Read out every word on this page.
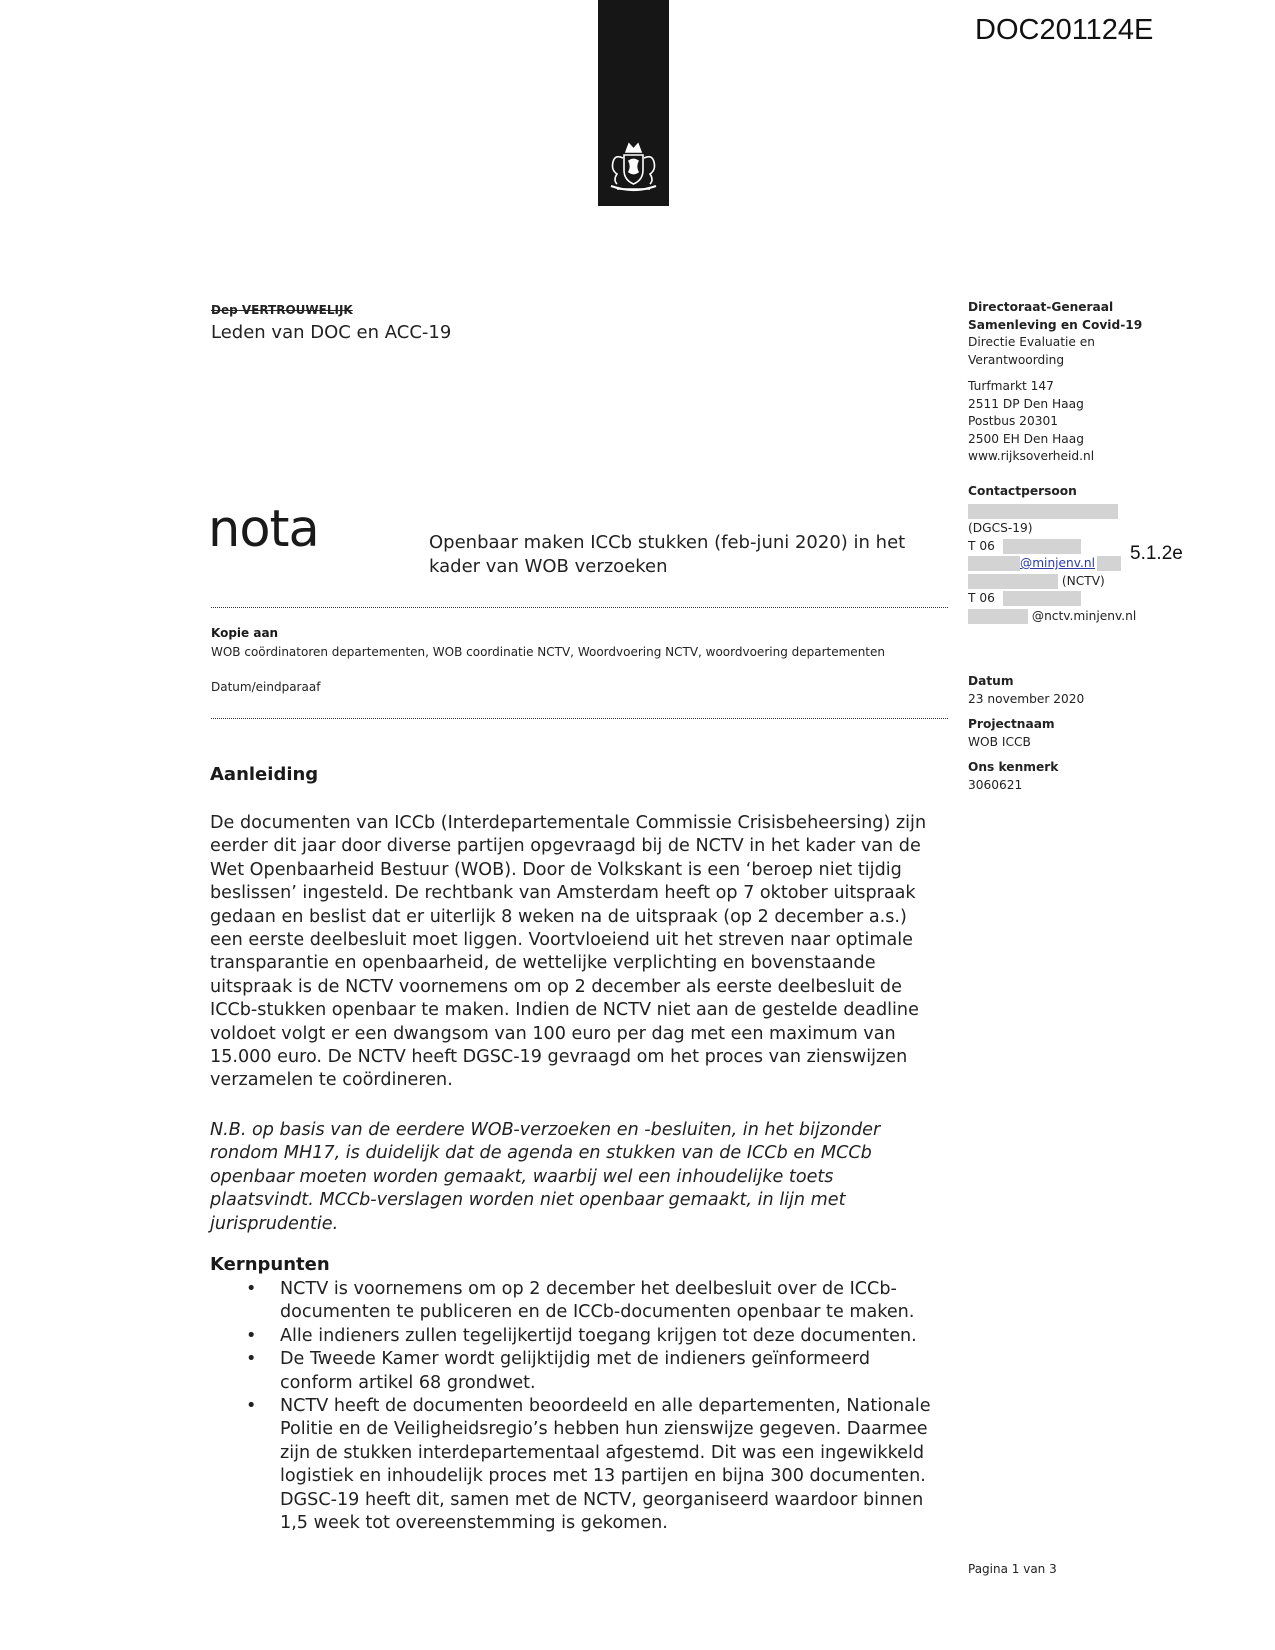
DOC201124E
Dep VERTROUWELIJK
Leden van DOC en ACC-19
nota	Openbaar maken ICCb stukken (feb-juni 2020) in het kader van WOB verzoeken
Kopie aan
WOB coördinatoren departementen, WOB coordinatie NCTV, Woordvoering NCTV, woordvoering departementen
Datum/eindparaaf
Directoraat-Generaal
Samenleving en Covid-19
Directie Evaluatie en
Verantwoording
Turfmarkt 147
2511 DP Den Haag
Postbus 20301
2500 EH Den Haag
www.rijksoverheid.nl
Contactpersoon
(DGCS-19)
T 06
@minjenv.nl
(NCTV)
T 06
@nctv.minjenv.nl
5.1.2e
Datum
23 november 2020
Projectnaam
WOB ICCB
Ons kenmerk
3060621
Aanleiding

De documenten van ICCb (Interdepartementale Commissie Crisisbeheersing) zijn eerder dit jaar door diverse partijen opgevraagd bij de NCTV in het kader van de Wet Openbaarheid Bestuur (WOB). Door de Volkskant is een ‘beroep niet tijdig beslissen’ ingesteld. De rechtbank van Amsterdam heeft op 7 oktober uitspraak gedaan en beslist dat er uiterlijk 8 weken na de uitspraak (op 2 december a.s.) een eerste deelbesluit moet liggen. Voortvloeiend uit het streven naar optimale transparantie en openbaarheid, de wettelijke verplichting en bovenstaande uitspraak is de NCTV voornemens om op 2 december als eerste deelbesluit de ICCb-stukken openbaar te maken. Indien de NCTV niet aan de gestelde deadline voldoet volgt er een dwangsom van 100 euro per dag met een maximum van 15.000 euro. De NCTV heeft DGSC-19 gevraagd om het proces van zienswijzen verzamelen te coördineren.

N.B. op basis van de eerdere WOB-verzoeken en -besluiten, in het bijzonder rondom MH17, is duidelijk dat de agenda en stukken van de ICCb en MCCb openbaar moeten worden gemaakt, waarbij wel een inhoudelijke toets plaatsvindt. MCCb-verslagen worden niet openbaar gemaakt, in lijn met jurisprudentie.

Kernpunten
• NCTV is voornemens om op 2 december het deelbesluit over de ICCb-documenten te publiceren en de ICCb-documenten openbaar te maken.
• Alle indieners zullen tegelijkertijd toegang krijgen tot deze documenten.
• De Tweede Kamer wordt gelijktijdig met de indieners geïnformeerd conform artikel 68 grondwet.
• NCTV heeft de documenten beoordeeld en alle departementen, Nationale Politie en de Veiligheidsregio’s hebben hun zienswijze gegeven. Daarmee zijn de stukken interdepartementaal afgestemd. Dit was een ingewikkeld logistiek en inhoudelijk proces met 13 partijen en bijna 300 documenten. DGSC-19 heeft dit, samen met de NCTV, georganiseerd waardoor binnen 1,5 week tot overeenstemming is gekomen.
Pagina 1 van 3
